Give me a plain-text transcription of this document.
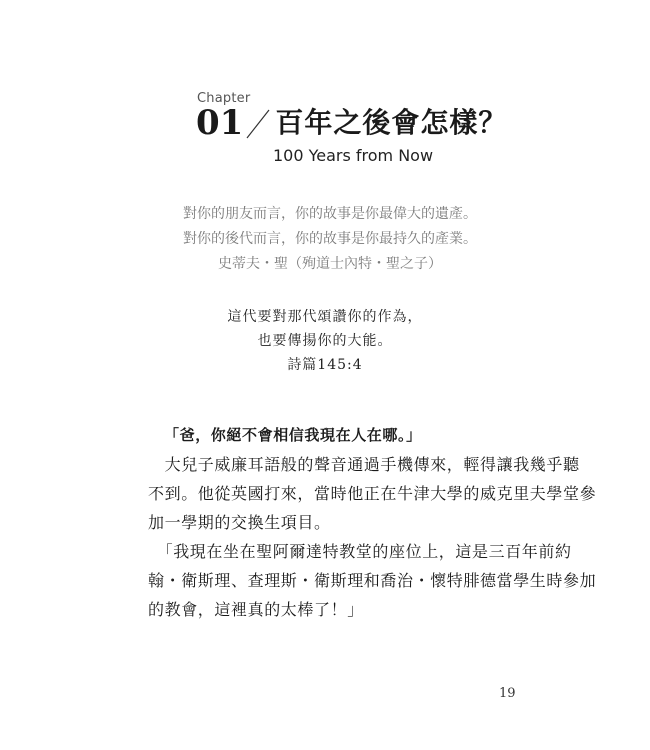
Chapter
01 百年之後會怎樣？
100 Years from Now
對你的朋友而言，你的故事是你最偉大的遺產。
對你的後代而言，你的故事是你最持久的產業。
史蒂夫・聖（殉道士內特・聖之子）
這代要對那代頌讚你的作為，
也要傳揚你的大能。
詩篇145:4
「爸，你絕不會相信我現在人在哪。」
　大兒子威廉耳語般的聲音通過手機傳來，輕得讓我幾乎聽
不到。他從英國打來，當時他正在牛津大學的威克里夫學堂參
加一學期的交換生項目。
　「我現在坐在聖阿爾達特教堂的座位上，這是三百年前約
翰・衛斯理、查理斯・衛斯理和喬治・懷特腓德當學生時參加
的教會，這裡真的太棒了！」
19
